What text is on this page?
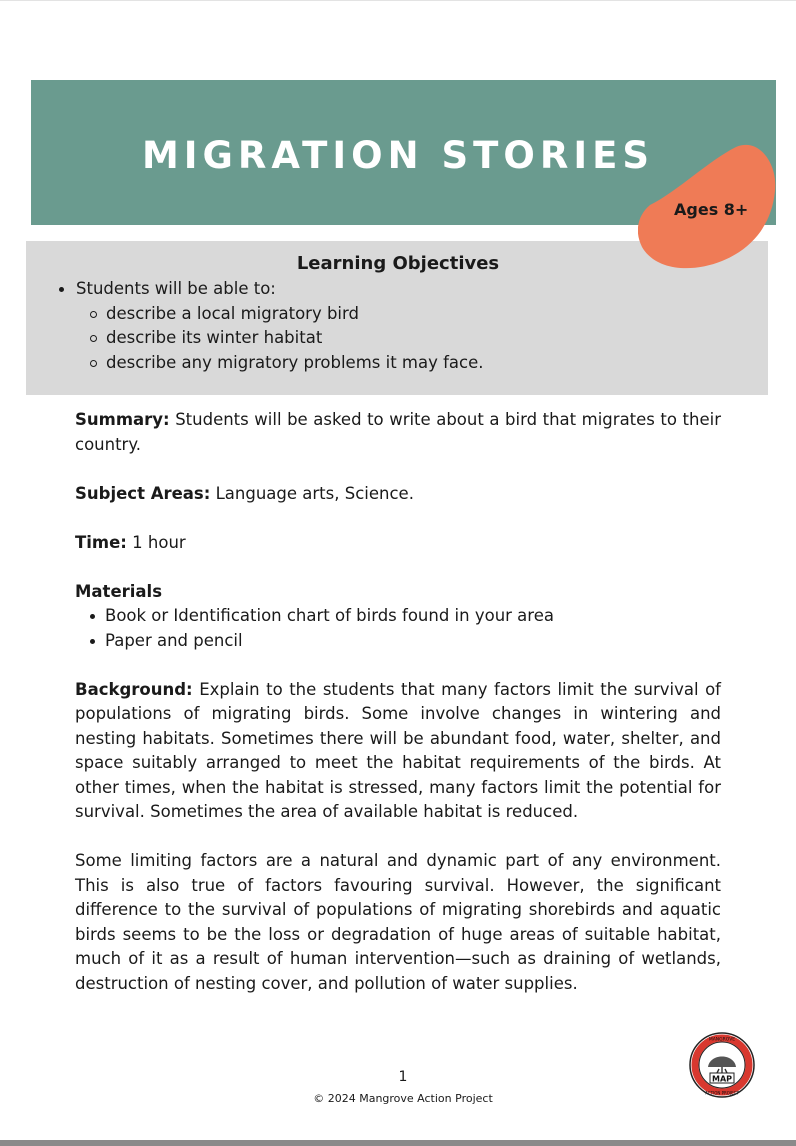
MIGRATION STORIES
Ages 8+
Learning Objectives
Students will be able to:
describe a local migratory bird
describe its winter habitat
describe any migratory problems it may face.

Summary: Students will be asked to write about a bird that migrates to their country.

Subject Areas: Language arts, Science.

Time: 1 hour

Materials
Book or Identification chart of birds found in your area
Paper and pencil

Background: Explain to the students that many factors limit the survival of populations of migrating birds. Some involve changes in wintering and nesting habitats. Sometimes there will be abundant food, water, shelter, and space suitably arranged to meet the habitat requirements of the birds. At other times, when the habitat is stressed, many factors limit the potential for survival. Sometimes the area of available habitat is reduced.

Some limiting factors are a natural and dynamic part of any environment. This is also true of factors favouring survival. However, the significant difference to the survival of populations of migrating shorebirds and aquatic birds seems to be the loss or degradation of huge areas of suitable habitat, much of it as a result of human intervention—such as draining of wetlands, destruction of nesting cover, and pollution of water supplies.

1
© 2024 Mangrove Action Project
MAP
MANGROVE
ACTION PROJECT
